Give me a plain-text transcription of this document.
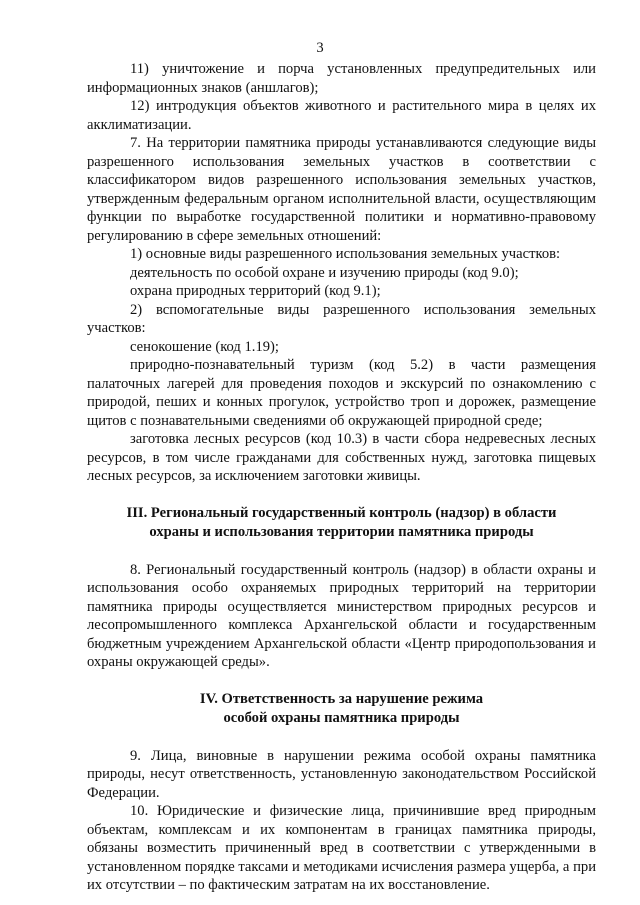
3

11) уничтожение и порча установленных предупредительных или информационных знаков (аншлагов);

12) интродукция объектов животного и растительного мира в целях их акклиматизации.

7. На территории памятника природы устанавливаются следующие виды разрешенного использования земельных участков в соответствии с классификатором видов разрешенного использования земельных участков, утвержденным федеральным органом исполнительной власти, осуществляющим функции по выработке государственной политики и нормативно-правовому регулированию в сфере земельных отношений:

1) основные виды разрешенного использования земельных участков:

деятельность по особой охране и изучению природы (код 9.0);

охрана природных территорий (код 9.1);

2) вспомогательные виды разрешенного использования земельных участков:

сенокошение (код 1.19);

природно-познавательный туризм (код 5.2) в части размещения палаточных лагерей для проведения походов и экскурсий по ознакомлению с природой, пеших и конных прогулок, устройство троп и дорожек, размещение щитов с познавательными сведениями об окружающей природной среде;

заготовка лесных ресурсов (код 10.3) в части сбора недревесных лесных ресурсов, в том числе гражданами для собственных нужд, заготовка пищевых лесных ресурсов, за исключением заготовки живицы.

III. Региональный государственный контроль (надзор) в области

охраны и использования территории памятника природы

8. Региональный государственный контроль (надзор) в области охраны и использования особо охраняемых природных территорий на территории памятника природы осуществляется министерством природных ресурсов и лесопромышленного комплекса Архангельской области и государственным бюджетным учреждением Архангельской области «Центр природопользования и охраны окружающей среды».

IV. Ответственность за нарушение режима

особой охраны памятника природы

9. Лица, виновные в нарушении режима особой охраны памятника природы, несут ответственность, установленную законодательством Российской Федерации.

10. Юридические и физические лица, причинившие вред природным объектам, комплексам и их компонентам в границах памятника природы, обязаны возместить причиненный вред в соответствии с утвержденными в установленном порядке таксами и методиками исчисления размера ущерба, а при их отсутствии – по фактическим затратам на их восстановление.
